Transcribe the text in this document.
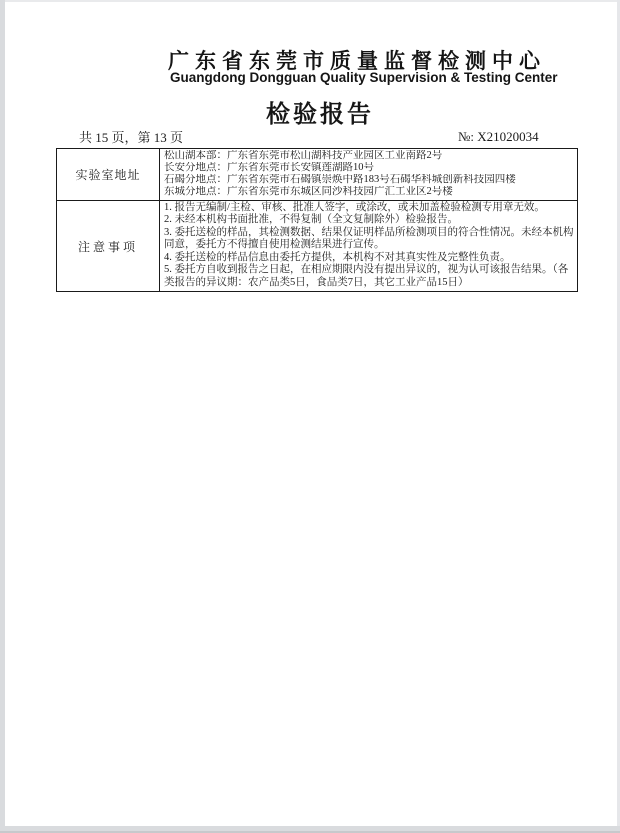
广东省东莞市质量监督检测中心
Guangdong Dongguan Quality Supervision & Testing Center
检验报告
共 15 页，第 13 页	№: X21020034
实验室地址	松山湖本部：广东省东莞市松山湖科技产业园区工业南路2号
长安分地点：广东省东莞市长安镇莲湖路10号
石碣分地点：广东省东莞市石碣镇崇焕中路183号石碣华科城创新科技园四楼
东城分地点：广东省东莞市东城区同沙科技园广汇工业区2号楼

注意事项	1. 报告无编制/主检、审核、批准人签字，或涂改，或未加盖检验检测专用章无效。
2. 未经本机构书面批准，不得复制（全文复制除外）检验报告。
3. 委托送检的样品，其检测数据、结果仅证明样品所检测项目的符合性情况。未经本机构同意，委托方不得擅自使用检测结果进行宣传。
4. 委托送检的样品信息由委托方提供，本机构不对其真实性及完整性负责。
5. 委托方自收到报告之日起，在相应期限内没有提出异议的，视为认可该报告结果。（各类报告的异议期：农产品类5日，食品类7日，其它工业产品15日）
